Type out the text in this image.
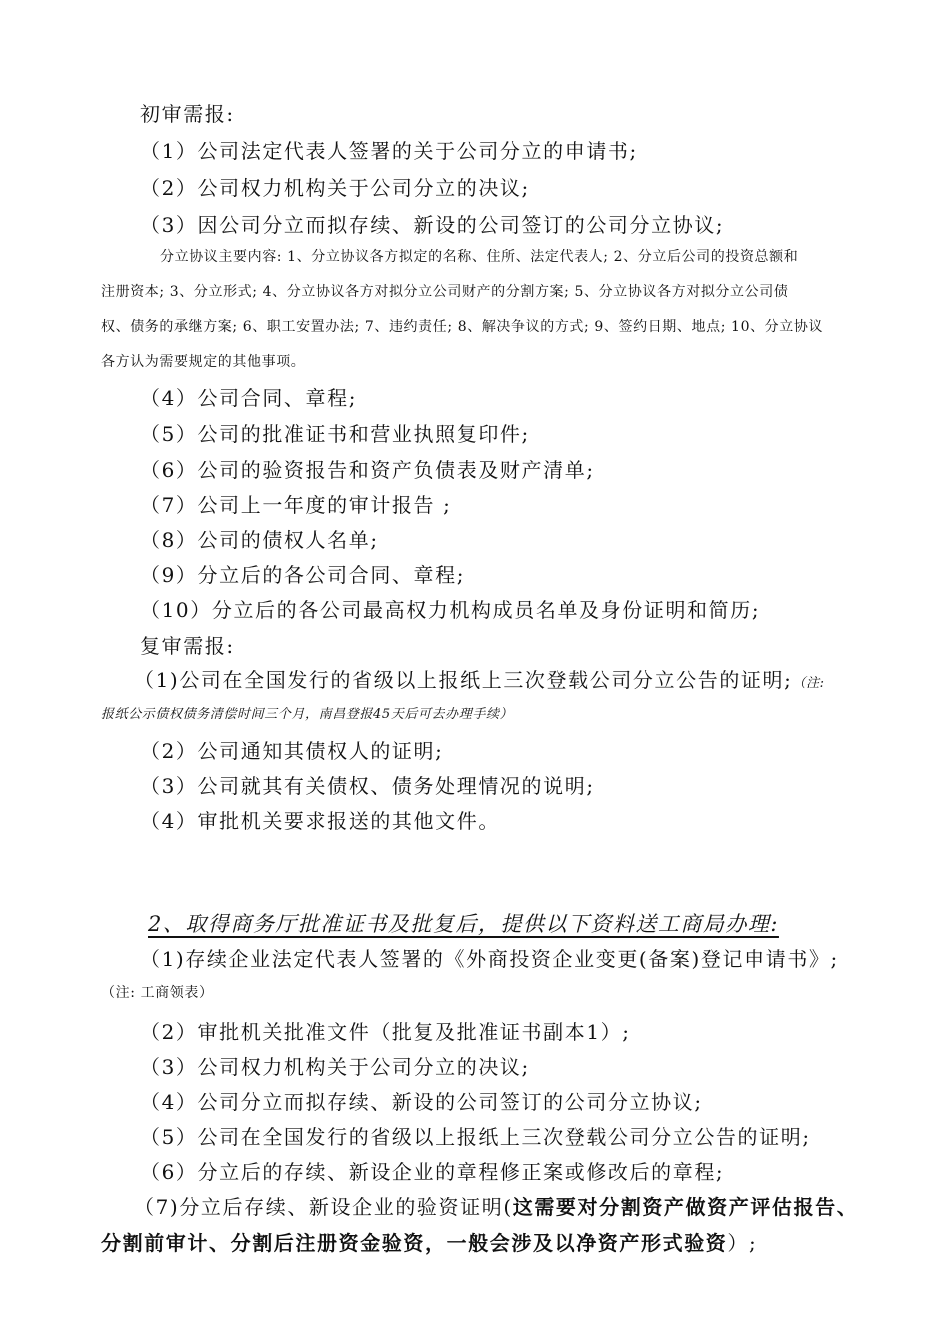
初审需报:
（1）公司法定代表人签署的关于公司分立的申请书;
（2）公司权力机构关于公司分立的决议;
（3）因公司分立而拟存续、新设的公司签订的公司分立协议;
分立协议主要内容: 1、分立协议各方拟定的名称、住所、法定代表人; 2、分立后公司的投资总额和
注册资本; 3、分立形式; 4、分立协议各方对拟分立公司财产的分割方案; 5、分立协议各方对拟分立公司债
权、债务的承继方案; 6、职工安置办法; 7、违约责任; 8、解决争议的方式; 9、签约日期、地点; 10、分立协议
各方认为需要规定的其他事项。
（4）公司合同、章程;
（5）公司的批准证书和营业执照复印件;
（6）公司的验资报告和资产负债表及财产清单;
（7）公司上一年度的审计报告 ;
（8）公司的债权人名单;
（9）分立后的各公司合同、章程;
（10）分立后的各公司最高权力机构成员名单及身份证明和简历;
复审需报:
（1)公司在全国发行的省级以上报纸上三次登载公司分立公告的证明;（注:
报纸公示债权债务清偿时间三个月，南昌登报45天后可去办理手续）
（2）公司通知其债权人的证明;
（3）公司就其有关债权、债务处理情况的说明;
（4）审批机关要求报送的其他文件。
2、取得商务厅批准证书及批复后，提供以下资料送工商局办理:
（1)存续企业法定代表人签署的《外商投资企业变更(备案)登记申请书》;
（注: 工商领表）
（2）审批机关批准文件（批复及批准证书副本1）;
（3）公司权力机构关于公司分立的决议;
（4）公司分立而拟存续、新设的公司签订的公司分立协议;
（5）公司在全国发行的省级以上报纸上三次登载公司分立公告的证明;
（6）分立后的存续、新设企业的章程修正案或修改后的章程;
（7)分立后存续、新设企业的验资证明(这需要对分割资产做资产评估报告、
分割前审计、分割后注册资金验资，一般会涉及以净资产形式验资）;
